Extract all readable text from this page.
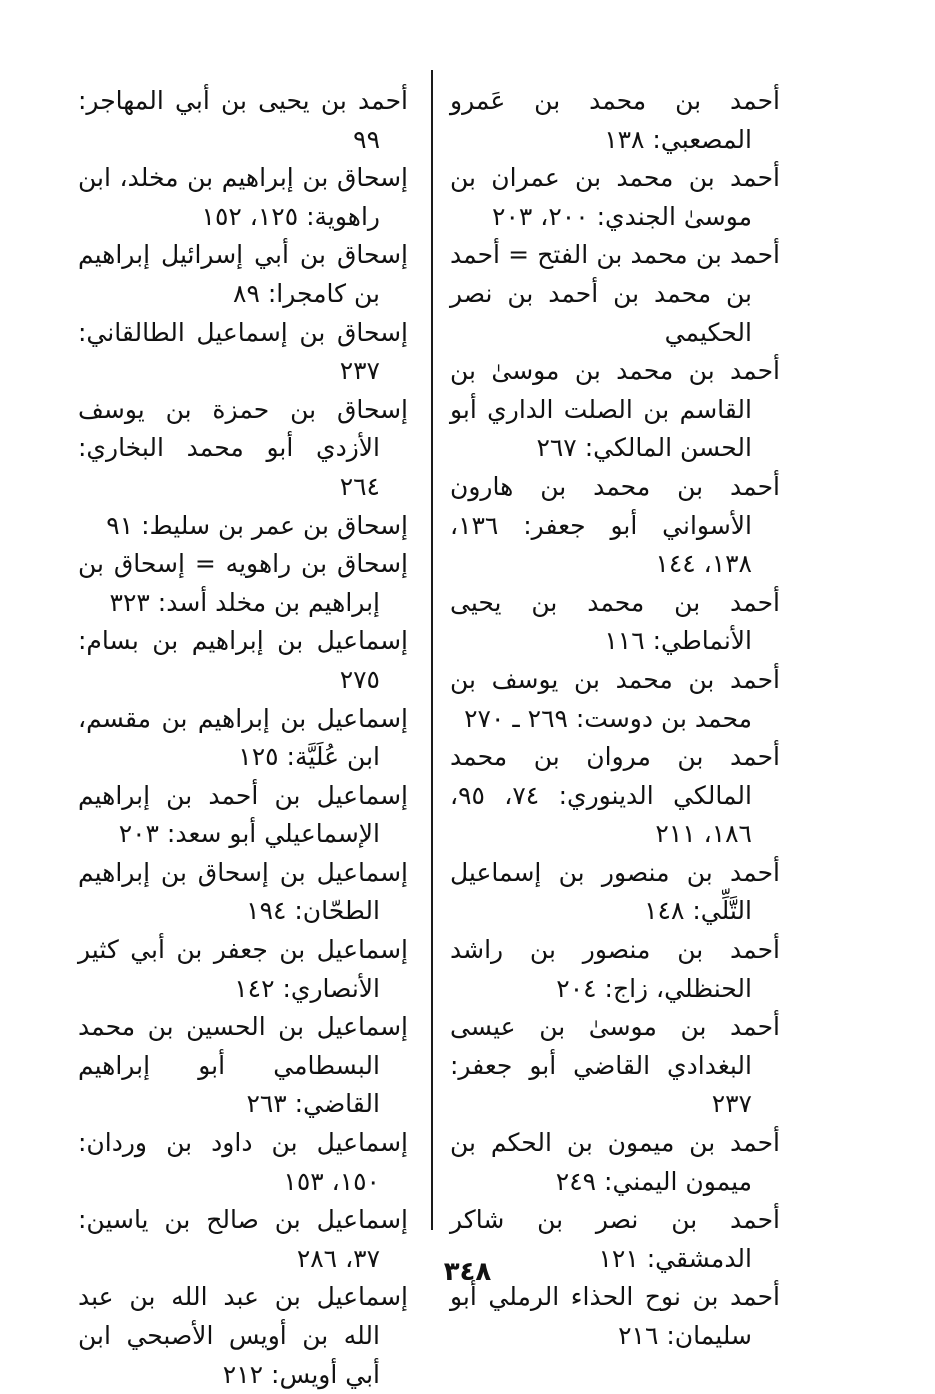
أحمد بن محمد بن عَمرو المصعبي: ١٣٨
أحمد بن محمد بن عمران بن موسىٰ الجندي: ٢٠٠، ٢٠٣
أحمد بن محمد بن الفتح = أحمد بن محمد بن أحمد بن نصر الحكيمي
أحمد بن محمد بن موسىٰ بن القاسم بن الصلت الداري أبو الحسن المالكي: ٢٦٧
أحمد بن محمد بن هارون الأسواني أبو جعفر: ١٣٦، ١٣٨، ١٤٤
أحمد بن محمد بن يحيى الأنماطي: ١١٦
أحمد بن محمد بن يوسف بن محمد بن دوست: ٢٦٩ ـ ٢٧٠
أحمد بن مروان بن محمد المالكي الدينوري: ٧٤، ٩٥، ١٨٦، ٢١١
أحمد بن منصور بن إسماعيل التَّلِّي: ١٤٨
أحمد بن منصور بن راشد الحنظلي، زاج: ٢٠٤
أحمد بن موسىٰ بن عيسى البغدادي القاضي أبو جعفر: ٢٣٧
أحمد بن ميمون بن الحكم بن ميمون اليمني: ٢٤٩
أحمد بن نصر بن شاكر الدمشقي: ١٢١
أحمد بن نوح الحذاء الرملي أبو سليمان: ٢١٦
أحمد بن يحيى بن أبي المهاجر: ٩٩
إسحاق بن إبراهيم بن مخلد، ابن راهوية: ١٢٥، ١٥٢
إسحاق بن أبي إسرائيل إبراهيم بن كامجرا: ٨٩
إسحاق بن إسماعيل الطالقاني: ٢٣٧
إسحاق بن حمزة بن يوسف الأزدي أبو محمد البخاري: ٢٦٤
إسحاق بن عمر بن سليط: ٩١
إسحاق بن راهويه = إسحاق بن إبراهيم بن مخلد أسد: ٣٢٣
إسماعيل بن إبراهيم بن بسام: ٢٧٥
إسماعيل بن إبراهيم بن مقسم، ابن عُلَيَّة: ١٢٥
إسماعيل بن أحمد بن إبراهيم الإسماعيلي أبو سعد: ٢٠٣
إسماعيل بن إسحاق بن إبراهيم الطحّان: ١٩٤
إسماعيل بن جعفر بن أبي كثير الأنصاري: ١٤٢
إسماعيل بن الحسين بن محمد البسطامي أبو إبراهيم القاضي: ٢٦٣
إسماعيل بن داود بن وردان: ١٥٠، ١٥٣
إسماعيل بن صالح بن ياسين: ٣٧، ٢٨٦
إسماعيل بن عبد الله بن عبد الله بن أويس الأصبحي ابن أبي أويس: ٢١٢
٣٤٨
